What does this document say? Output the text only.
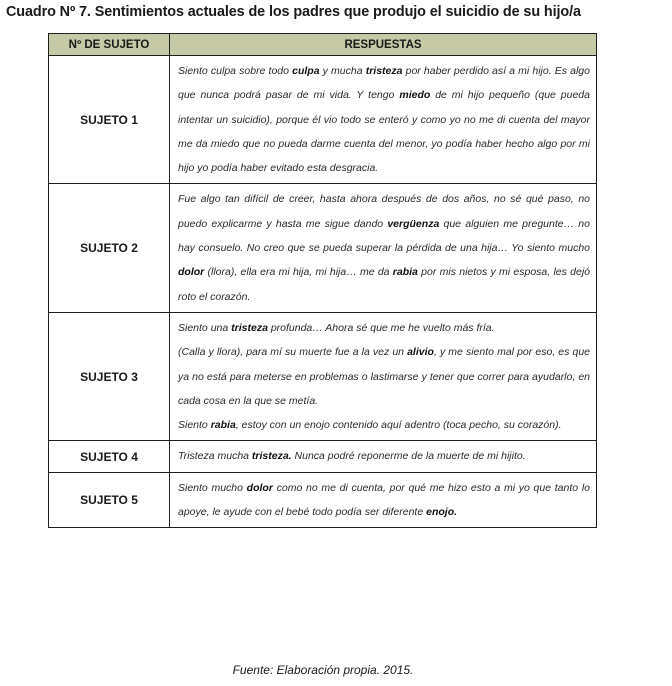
Cuadro Nº 7. Sentimientos actuales de los padres que produjo el suicidio de su hijo/a
Nº DE SUJETO	RESPUESTAS
SUJETO 1	Siento culpa sobre todo culpa y mucha tristeza por haber perdido así a mi hijo. Es algo que nunca podrá pasar de mi vida. Y tengo miedo de mi hijo pequeño (que pueda intentar un suicidio), porque él vio todo se enteró y como yo no me di cuenta del mayor me da miedo que no pueda darme cuenta del menor, yo podía haber hecho algo por mi hijo yo podía haber evitado esta desgracia.

SUJETO 2	Fue algo tan difícil de creer, hasta ahora después de dos años, no sé qué paso, no puedo explicarme y hasta me sigue dando vergüenza que alguien me pregunte… no hay consuelo. No creo que se pueda superar la pérdida de una hija… Yo siento mucho dolor (llora), ella era mi hija, mi hija… me da rabia por mis nietos y mi esposa, les dejó roto el corazón.

SUJETO 3	Siento una tristeza profunda… Ahora sé que me he vuelto más fría.
(Calla y llora), para mí su muerte fue a la vez un alivio, y me siento mal por eso, es que ya no está para meterse en problemas o lastimarse y tener que correr para ayudarlo, en cada cosa en la que se metía.
Siento rabia, estoy con un enojo contenido aquí adentro (toca pecho, su corazón).

SUJETO 4	Tristeza mucha tristeza. Nunca podré reponerme de la muerte de mi hijito.

SUJETO 5	Siento mucho dolor como no me di cuenta, por qué me hizo esto a mi yo que tanto lo apoye, le ayude con el bebé todo podía ser diferente enojo.
Fuente: Elaboración propia. 2015.
